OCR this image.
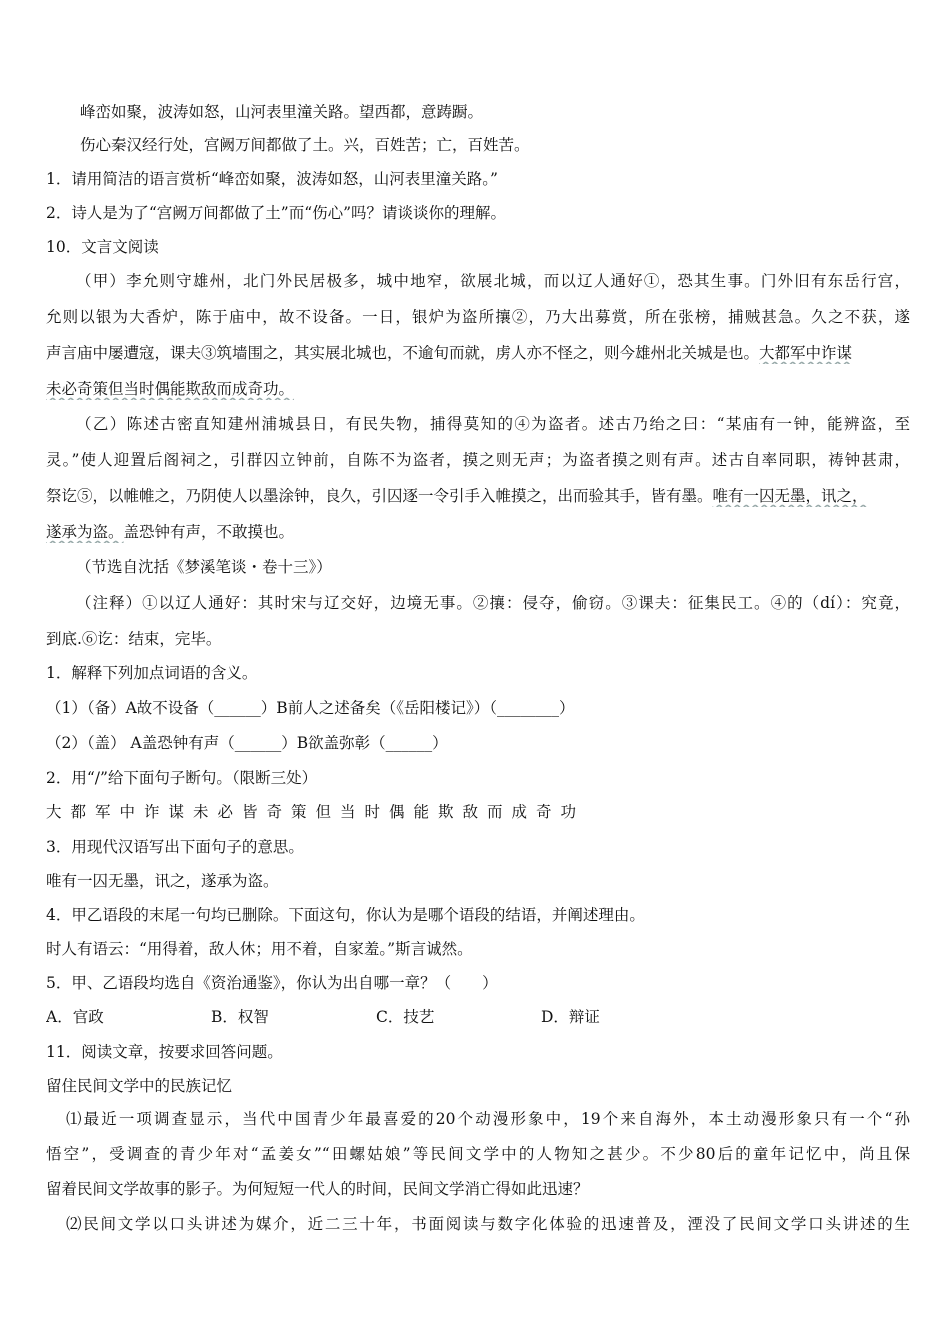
峰峦如聚，波涛如怒，山河表里潼关路。望西都，意踌蹰。
伤心秦汉经行处，宫阙万间都做了土。兴，百姓苦；亡，百姓苦。
1．请用简洁的语言赏析“峰峦如聚，波涛如怒，山河表里潼关路。”
2．诗人是为了“宫阙万间都做了土”而“伤心”吗？请谈谈你的理解。
10．文言文阅读
（甲）李允则守雄州，北门外民居极多，城中地窄，欲展北城，而以辽人通好①，恐其生事。门外旧有东岳行宫，
允则以银为大香炉，陈于庙中，故不设备。一日，银炉为盗所攘②，乃大出募赏，所在张榜，捕贼甚急。久之不获，遂
声言庙中屡遭寇，课夫③筑墙围之，其实展北城也，不逾旬而就，虏人亦不怪之，则今雄州北关城是也。大都军中诈谋
未必奇策但当时偶能欺敌而成奇功。
（乙）陈述古密直知建州浦城县日，有民失物，捕得莫知的④为盗者。述古乃绐之曰：“某庙有一钟，能辨盗，至
灵。”使人迎置后阁祠之，引群囚立钟前，自陈不为盗者，摸之则无声；为盗者摸之则有声。述古自率同职，祷钟甚肃，
祭讫⑤，以帷帷之，乃阴使人以墨涂钟，良久，引囚逐一令引手入帷摸之，出而验其手，皆有墨。唯有一囚无墨，讯之，
遂承为盗。盖恐钟有声，不敢摸也。
（节选自沈括《梦溪笔谈・卷十三》）
（注释）①以辽人通好：其时宋与辽交好，边境无事。②攘：侵夺，偷窃。③课夫：征集民工。④的（dí）：究竟，
到底.⑥讫：结束，完毕。
1．解释下列加点词语的含义。
（1）（备）A故不设备（______）B前人之述备矣（《岳阳楼记》）（________）
（2）（盖） A盖恐钟有声（______）B欲盖弥彰（______）
2．用“/”给下面句子断句。（限断三处）
大都军中诈谋未必皆奇策但当时偶能欺敌而成奇功
3．用现代汉语写出下面句子的意思。
唯有一囚无墨，讯之，遂承为盗。
4．甲乙语段的末尾一句均已删除。下面这句，你认为是哪个语段的结语，并阐述理由。
时人有语云：“用得着，敌人休；用不着，自家羞。”斯言诚然。
5．甲、乙语段均选自《资治通鉴》，你认为出自哪一章？（　　）
A．官政	B．权智	C．技艺	D．辩证
11．阅读文章，按要求回答问题。
留住民间文学中的民族记忆
⑴最近一项调查显示，当代中国青少年最喜爱的20个动漫形象中，19个来自海外，本土动漫形象只有一个“孙
悟空”，受调查的青少年对“孟姜女”“田螺姑娘”等民间文学中的人物知之甚少。不少80后的童年记忆中，尚且保
留着民间文学故事的影子。为何短短一代人的时间，民间文学消亡得如此迅速？
⑵民间文学以口头讲述为媒介，近二三十年，书面阅读与数字化体验的迅速普及，湮没了民间文学口头讲述的生
